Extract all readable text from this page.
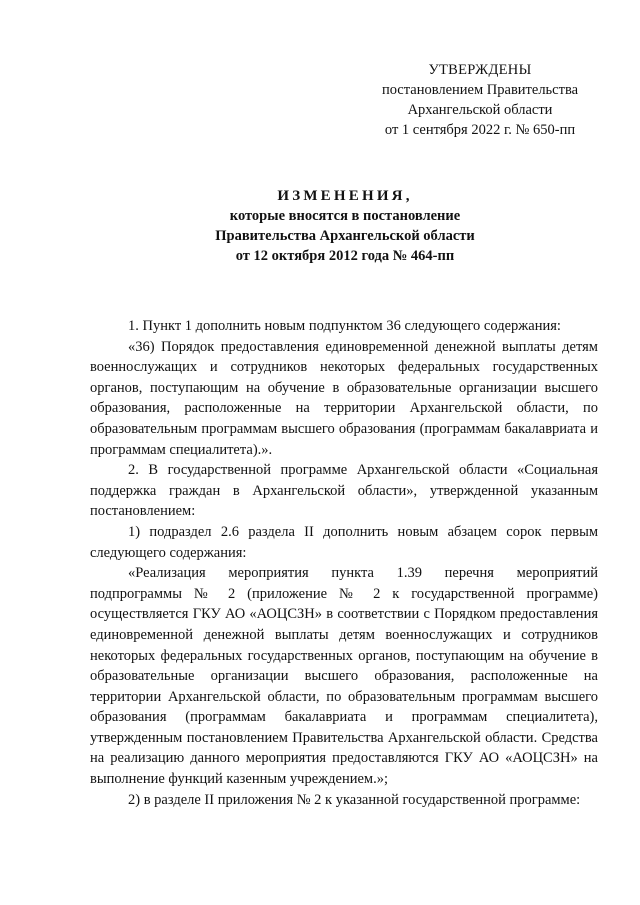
УТВЕРЖДЕНЫ
постановлением Правительства
Архангельской области
от 1 сентября 2022 г. № 650-пп
ИЗМЕНЕНИЯ,
которые вносятся в постановление
Правительства Архангельской области
от 12 октября 2012 года № 464-пп

1. Пункт 1 дополнить новым подпунктом 36 следующего содержания:

«36) Порядок предоставления единовременной денежной выплаты детям военнослужащих и сотрудников некоторых федеральных государственных органов, поступающим на обучение в образовательные организации высшего образования, расположенные на территории Архангельской области, по образовательным программам высшего образования (программам бакалавриата и программам специалитета).».

2. В государственной программе Архангельской области «Социальная поддержка граждан в Архангельской области», утвержденной указанным постановлением:

1) подраздел 2.6 раздела II дополнить новым абзацем сорок первым следующего содержания:

«Реализация мероприятия пункта 1.39 перечня мероприятий подпрограммы № 2 (приложение № 2 к государственной программе) осуществляется ГКУ АО «АОЦСЗН» в соответствии с Порядком предоставления единовременной денежной выплаты детям военнослужащих и сотрудников некоторых федеральных государственных органов, поступающим на обучение в образовательные организации высшего образования, расположенные на территории Архангельской области, по образовательным программам высшего образования (программам бакалавриата и программам специалитета), утвержденным постановлением Правительства Архангельской области. Средства на реализацию данного мероприятия предоставляются ГКУ АО «АОЦСЗН» на выполнение функций казенным учреждением.»;

2) в разделе II приложения № 2 к указанной государственной программе:
